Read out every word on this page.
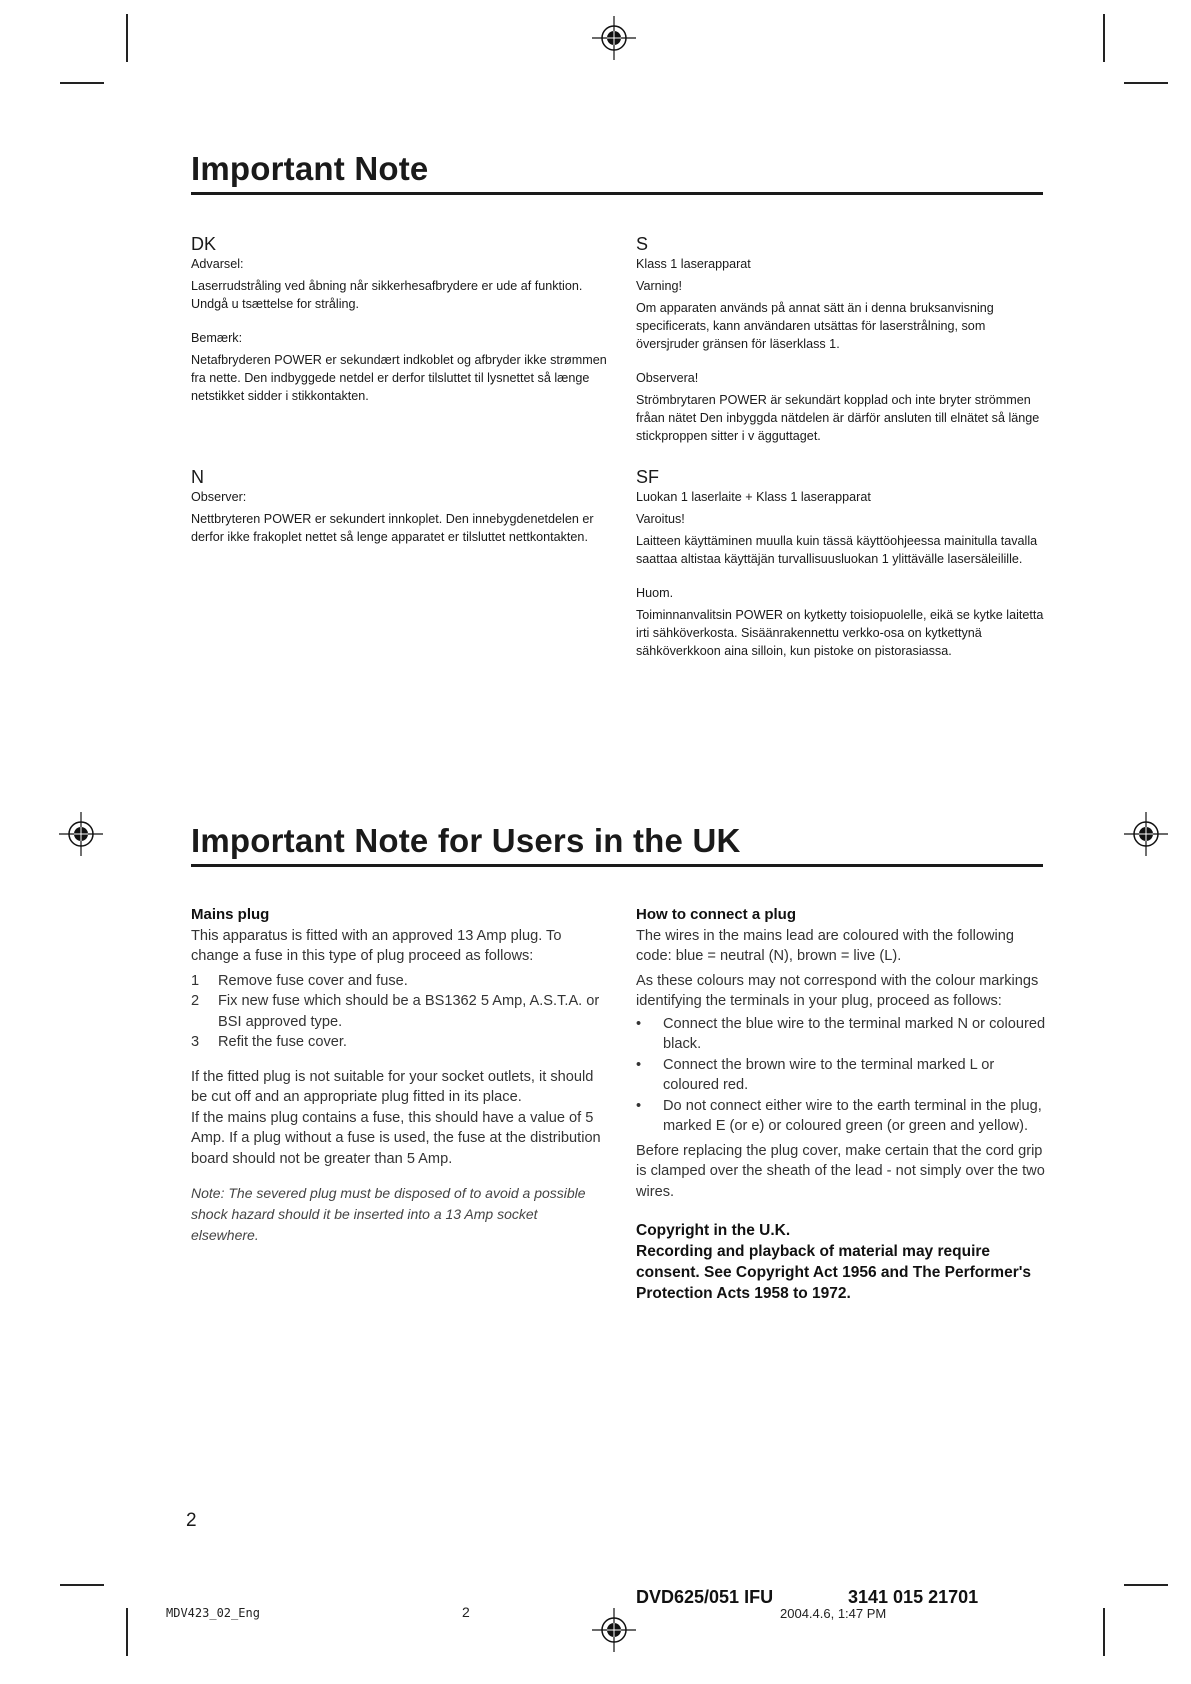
Important Note

DK

Advarsel:

Laserrudstråling ved åbning når sikkerhesafbrydere er ude af funktion. Undgå u tsættelse for stråling.

Bemærk:

Netafbryderen POWER er sekundært indkoblet og afbryder ikke strømmen fra nette. Den indbyggede netdel er derfor tilsluttet til lysnettet så længe netstikket sidder i stikkontakten.

N

Observer:

Nettbryteren POWER er sekundert innkoplet. Den innebygdenetdelen er derfor ikke frakoplet nettet så lenge apparatet er tilsluttet nettkontakten.

S

Klass 1 laserapparat

Varning!

Om apparaten används på annat sätt än i denna bruksanvisning specificerats, kann användaren utsättas för laserstrålning, som översjruder gränsen för läserklass 1.

Observera!

Strömbrytaren POWER är sekundärt kopplad och inte bryter strömmen fråan nätet Den inbyggda nätdelen är därför ansluten till elnätet så länge stickproppen sitter i v ägguttaget.

SF

Luokan 1 laserlaite + Klass 1 laserapparat

Varoitus!

Laitteen käyttäminen muulla kuin tässä käyttöohjeessa mainitulla tavalla saattaa altistaa käyttäjän turvallisuusluokan 1 ylittävälle lasersäleilille.

Huom.

Toiminnanvalitsin POWER on kytketty toisiopuolelle, eikä se kytke laitetta irti sähköverkosta. Sisäänrakennettu verkko-osa on kytkettynä sähköverkkoon aina silloin, kun pistoke on pistorasiassa.

Important Note for Users in the UK

Mains plug

This apparatus is fitted with an approved 13 Amp plug. To change a fuse in this type of plug proceed as follows:

1 Remove fuse cover and fuse.
2 Fix new fuse which should be a BS1362 5 Amp, A.S.T.A. or BSI approved type.
3 Refit the fuse cover.

If the fitted plug is not suitable for your socket outlets, it should be cut off and an appropriate plug fitted in its place.

If the mains plug contains a fuse, this should have a value of 5 Amp. If a plug without a fuse is used, the fuse at the distribution board should not be greater than 5 Amp.

Note: The severed plug must be disposed of to avoid a possible shock hazard should it be inserted into a 13 Amp socket elsewhere.

How to connect a plug

The wires in the mains lead are coloured with the following code: blue = neutral (N), brown = live (L).

As these colours may not correspond with the colour markings identifying the terminals in your plug, proceed as follows:

• Connect the blue wire to the terminal marked N or coloured black.
• Connect the brown wire to the terminal marked L or coloured red.
• Do not connect either wire to the earth terminal in the plug, marked E (or e) or coloured green (or green and yellow).

Before replacing the plug cover, make certain that the cord grip is clamped over the sheath of the lead - not simply over the two wires.

Copyright in the U.K.

Recording and playback of material may require consent. See Copyright Act 1956 and The Performer's Protection Acts 1958 to 1972.

2
MDV423_02_Eng	2
DVD625/051 IFU	3141 015 21701
2004.4.6, 1:47 PM
